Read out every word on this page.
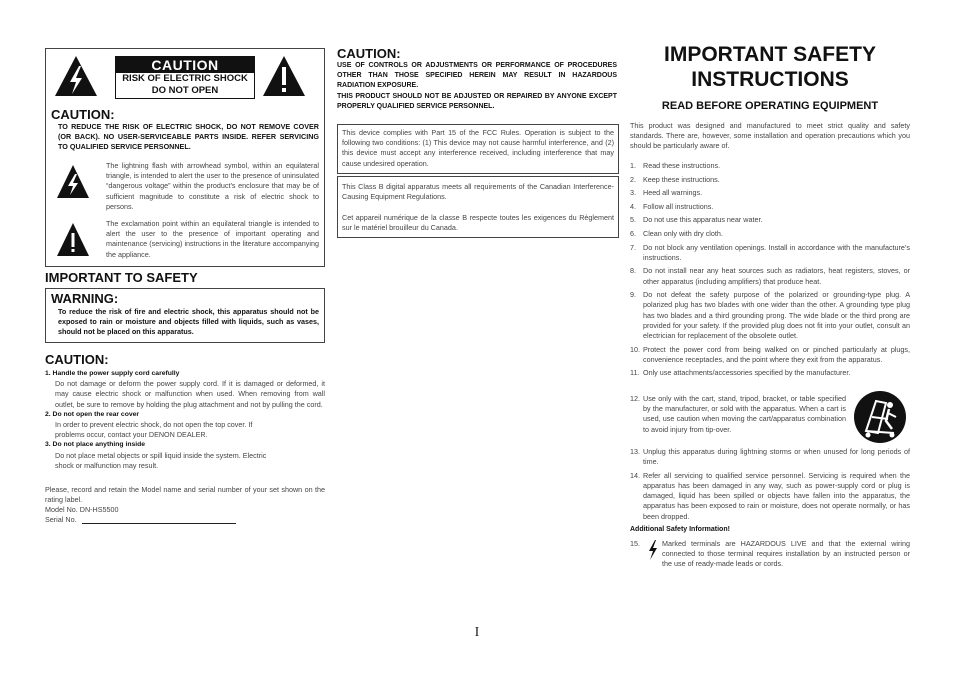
CAUTION
RISK OF ELECTRIC SHOCK
DO NOT OPEN
CAUTION:
TO REDUCE THE RISK OF ELECTRIC SHOCK, DO NOT REMOVE COVER (OR BACK). NO USER-SERVICEABLE PARTS INSIDE. REFER SERVICING TO QUALIFIED SERVICE PERSONNEL.
The lightning flash with arrowhead symbol, within an equilateral triangle, is intended to alert the user to the presence of uninsulated “dangerous voltage” within the product’s enclosure that may be of sufficient magnitude to constitute a risk of electric shock to persons.
The exclamation point within an equilateral triangle is intended to alert the user to the presence of important operating and maintenance (servicing) instructions in the literature accompanying the appliance.
IMPORTANT TO SAFETY
WARNING:
To reduce the risk of fire and electric shock, this apparatus should not be exposed to rain or moisture and objects filled with liquids, such as vases, should not be placed on this apparatus.
CAUTION:
1. Handle the power supply cord carefully
Do not damage or deform the power supply cord. If it is damaged or deformed, it may cause electric shock or malfunction when used. When removing from wall outlet, be sure to remove by holding the plug attachment and not by pulling the cord.
2. Do not open the rear cover
In order to prevent electric shock, do not open the top cover. If problems occur, contact your DENON DEALER.
3. Do not place anything inside
Do not place metal objects or spill liquid inside the system. Electric shock or malfunction may result.
Please, record and retain the Model name and serial number of your set shown on the rating label.
Model No. DN-HS5500
Serial No.
CAUTION:
USE OF CONTROLS OR ADJUSTMENTS OR PERFORMANCE OF PROCEDURES OTHER THAN THOSE SPECIFIED HEREIN MAY RESULT IN HAZARDOUS RADIATION EXPOSURE.
THIS PRODUCT SHOULD NOT BE ADJUSTED OR REPAIRED BY ANYONE EXCEPT PROPERLY QUALIFIED SERVICE PERSONNEL.
This device complies with Part 15 of the FCC Rules. Operation is subject to the following two conditions: (1) This device may not cause harmful interference, and (2) this device must accept any interference received, including interference that may cause undesired operation.
This Class B digital apparatus meets all requirements of the Canadian Interference-Causing Equipment Regulations.
Cet appareil numérique de la classe B respecte toutes les exigences du Règlement sur le matériel brouilleur du Canada.
IMPORTANT SAFETY
INSTRUCTIONS
READ BEFORE OPERATING EQUIPMENT
This product was designed and manufactured to meet strict quality and safety standards. There are, however, some installation and operation precautions which you should be particularly aware of.
1. Read these instructions.
2. Keep these instructions.
3. Heed all warnings.
4. Follow all instructions.
5. Do not use this apparatus near water.
6. Clean only with dry cloth.
7. Do not block any ventilation openings. Install in accordance with the manufacture’s instructions.
8. Do not install near any heat sources such as radiators, heat registers, stoves, or other apparatus (including amplifiers) that produce heat.
9. Do not defeat the safety purpose of the polarized or grounding-type plug. A polarized plug has two blades with one wider than the other. A grounding type plug has two blades and a third grounding prong. The wide blade or the third prong are provided for your safety. If the provided plug does not fit into your outlet, consult an electrician for replacement of the obsolete outlet.
10. Protect the power cord from being walked on or pinched particularly at plugs, convenience receptacles, and the point where they exit from the apparatus.
11. Only use attachments/accessories specified by the manufacturer.
12. Use only with the cart, stand, tripod, bracket, or table specified by the manufacturer, or sold with the apparatus. When a cart is used, use caution when moving the cart/apparatus combination to avoid injury from tip-over.
13. Unplug this apparatus during lightning storms or when unused for long periods of time.
14. Refer all servicing to qualified service personnel. Servicing is required when the apparatus has been damaged in any way, such as power-supply cord or plug is damaged, liquid has been spilled or objects have fallen into the apparatus, the apparatus has been exposed to rain or moisture, does not operate normally, or has been dropped.
Additional Safety Information!
15.	Marked terminals are HAZARDOUS LIVE and that the external wiring connected to those terminal requires installation by an instructed person or the use of ready-made leads or cords.
I
